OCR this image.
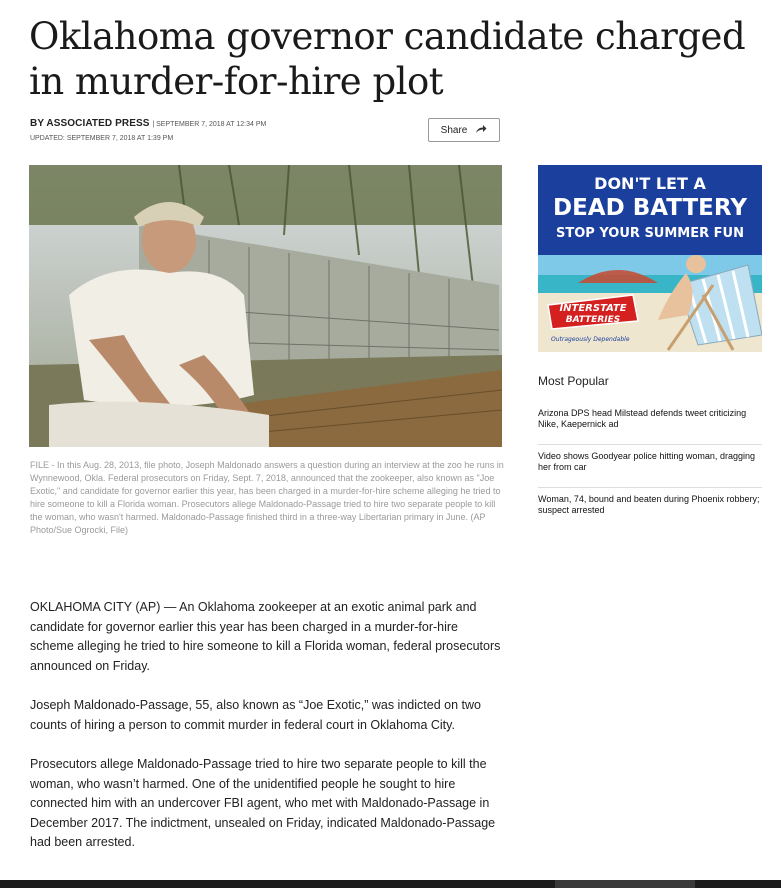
Oklahoma governor candidate charged in murder-for-hire plot
BY ASSOCIATED PRESS | SEPTEMBER 7, 2018 AT 12:34 PM
UPDATED: SEPTEMBER 7, 2018 AT 1:39 PM
Share

FILE - In this Aug. 28, 2013, file photo, Joseph Maldonado answers a question during an interview at the zoo he runs in Wynnewood, Okla. Federal prosecutors on Friday, Sept. 7, 2018, announced that the zookeeper, also known as "Joe Exotic," and candidate for governor earlier this year, has been charged in a murder-for-hire scheme alleging he tried to hire someone to kill a Florida woman. Prosecutors allege Maldonado-Passage tried to hire two separate people to kill the woman, who wasn't harmed. Maldonado-Passage finished third in a three-way Libertarian primary in June. (AP Photo/Sue Ogrocki, File)

OKLAHOMA CITY (AP) — An Oklahoma zookeeper at an exotic animal park and candidate for governor earlier this year has been charged in a murder-for-hire scheme alleging he tried to hire someone to kill a Florida woman, federal prosecutors announced on Friday.

Joseph Maldonado-Passage, 55, also known as “Joe Exotic,” was indicted on two counts of hiring a person to commit murder in federal court in Oklahoma City.

Prosecutors allege Maldonado-Passage tried to hire two separate people to kill the woman, who wasn’t harmed. One of the unidentified people he sought to hire connected him with an undercover FBI agent, who met with Maldonado-Passage in December 2017. The indictment, unsealed on Friday, indicated Maldonado-Passage had been arrested.

INTERSTATE
BATTERIES
Outrageously Dependable
DON'T LET A
DEAD BATTERY
STOP YOUR SUMMER FUN
Most Popular
Arizona DPS head Milstead defends tweet criticizing Nike, Kaepernick ad
Video shows Goodyear police hitting woman, dragging her from car
Woman, 74, bound and beaten during Phoenix robbery; suspect arrested
